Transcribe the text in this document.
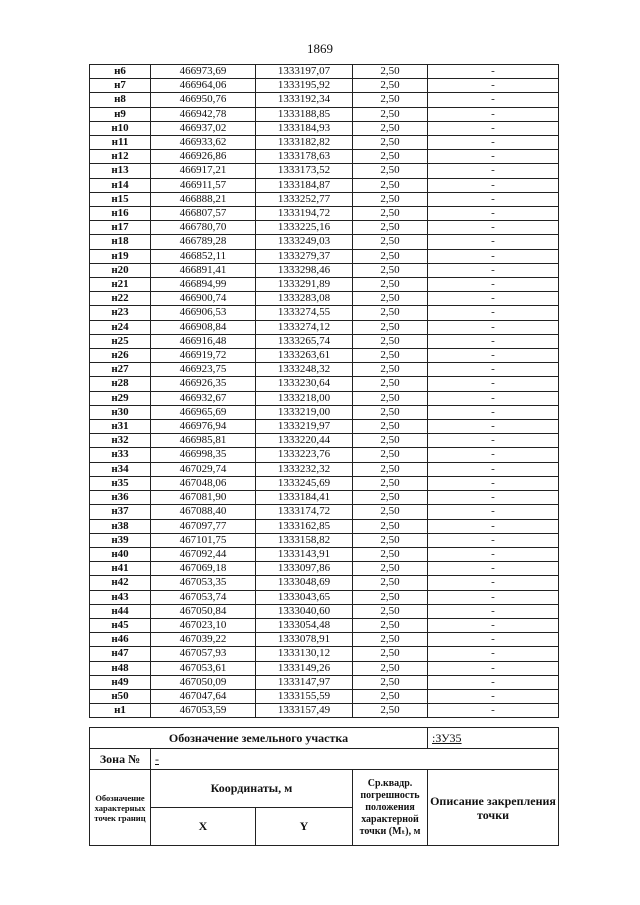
1869
н6	466973,69	1333197,07	2,50	-
н7	466964,06	1333195,92	2,50	-
н8	466950,76	1333192,34	2,50	-
н9	466942,78	1333188,85	2,50	-
н10	466937,02	1333184,93	2,50	-
н11	466933,62	1333182,82	2,50	-
н12	466926,86	1333178,63	2,50	-
н13	466917,21	1333173,52	2,50	-
н14	466911,57	1333184,87	2,50	-
н15	466888,21	1333252,77	2,50	-
н16	466807,57	1333194,72	2,50	-
н17	466780,70	1333225,16	2,50	-
н18	466789,28	1333249,03	2,50	-
н19	466852,11	1333279,37	2,50	-
н20	466891,41	1333298,46	2,50	-
н21	466894,99	1333291,89	2,50	-
н22	466900,74	1333283,08	2,50	-
н23	466906,53	1333274,55	2,50	-
н24	466908,84	1333274,12	2,50	-
н25	466916,48	1333265,74	2,50	-
н26	466919,72	1333263,61	2,50	-
н27	466923,75	1333248,32	2,50	-
н28	466926,35	1333230,64	2,50	-
н29	466932,67	1333218,00	2,50	-
н30	466965,69	1333219,00	2,50	-
н31	466976,94	1333219,97	2,50	-
н32	466985,81	1333220,44	2,50	-
н33	466998,35	1333223,76	2,50	-
н34	467029,74	1333232,32	2,50	-
н35	467048,06	1333245,69	2,50	-
н36	467081,90	1333184,41	2,50	-
н37	467088,40	1333174,72	2,50	-
н38	467097,77	1333162,85	2,50	-
н39	467101,75	1333158,82	2,50	-
н40	467092,44	1333143,91	2,50	-
н41	467069,18	1333097,86	2,50	-
н42	467053,35	1333048,69	2,50	-
н43	467053,74	1333043,65	2,50	-
н44	467050,84	1333040,60	2,50	-
н45	467023,10	1333054,48	2,50	-
н46	467039,22	1333078,91	2,50	-
н47	467057,93	1333130,12	2,50	-
н48	467053,61	1333149,26	2,50	-
н49	467050,09	1333147,97	2,50	-
н50	467047,64	1333155,59	2,50	-
н1	467053,59	1333157,49	2,50	-
Обозначение земельного участка				:ЗУ35
Зона №	-			
Обозначение характерных точек границ	Координаты, м		Ср.квадр. погрешность положения характерной точки (Mₜ), м	Описание закрепления точки
	X	Y		
